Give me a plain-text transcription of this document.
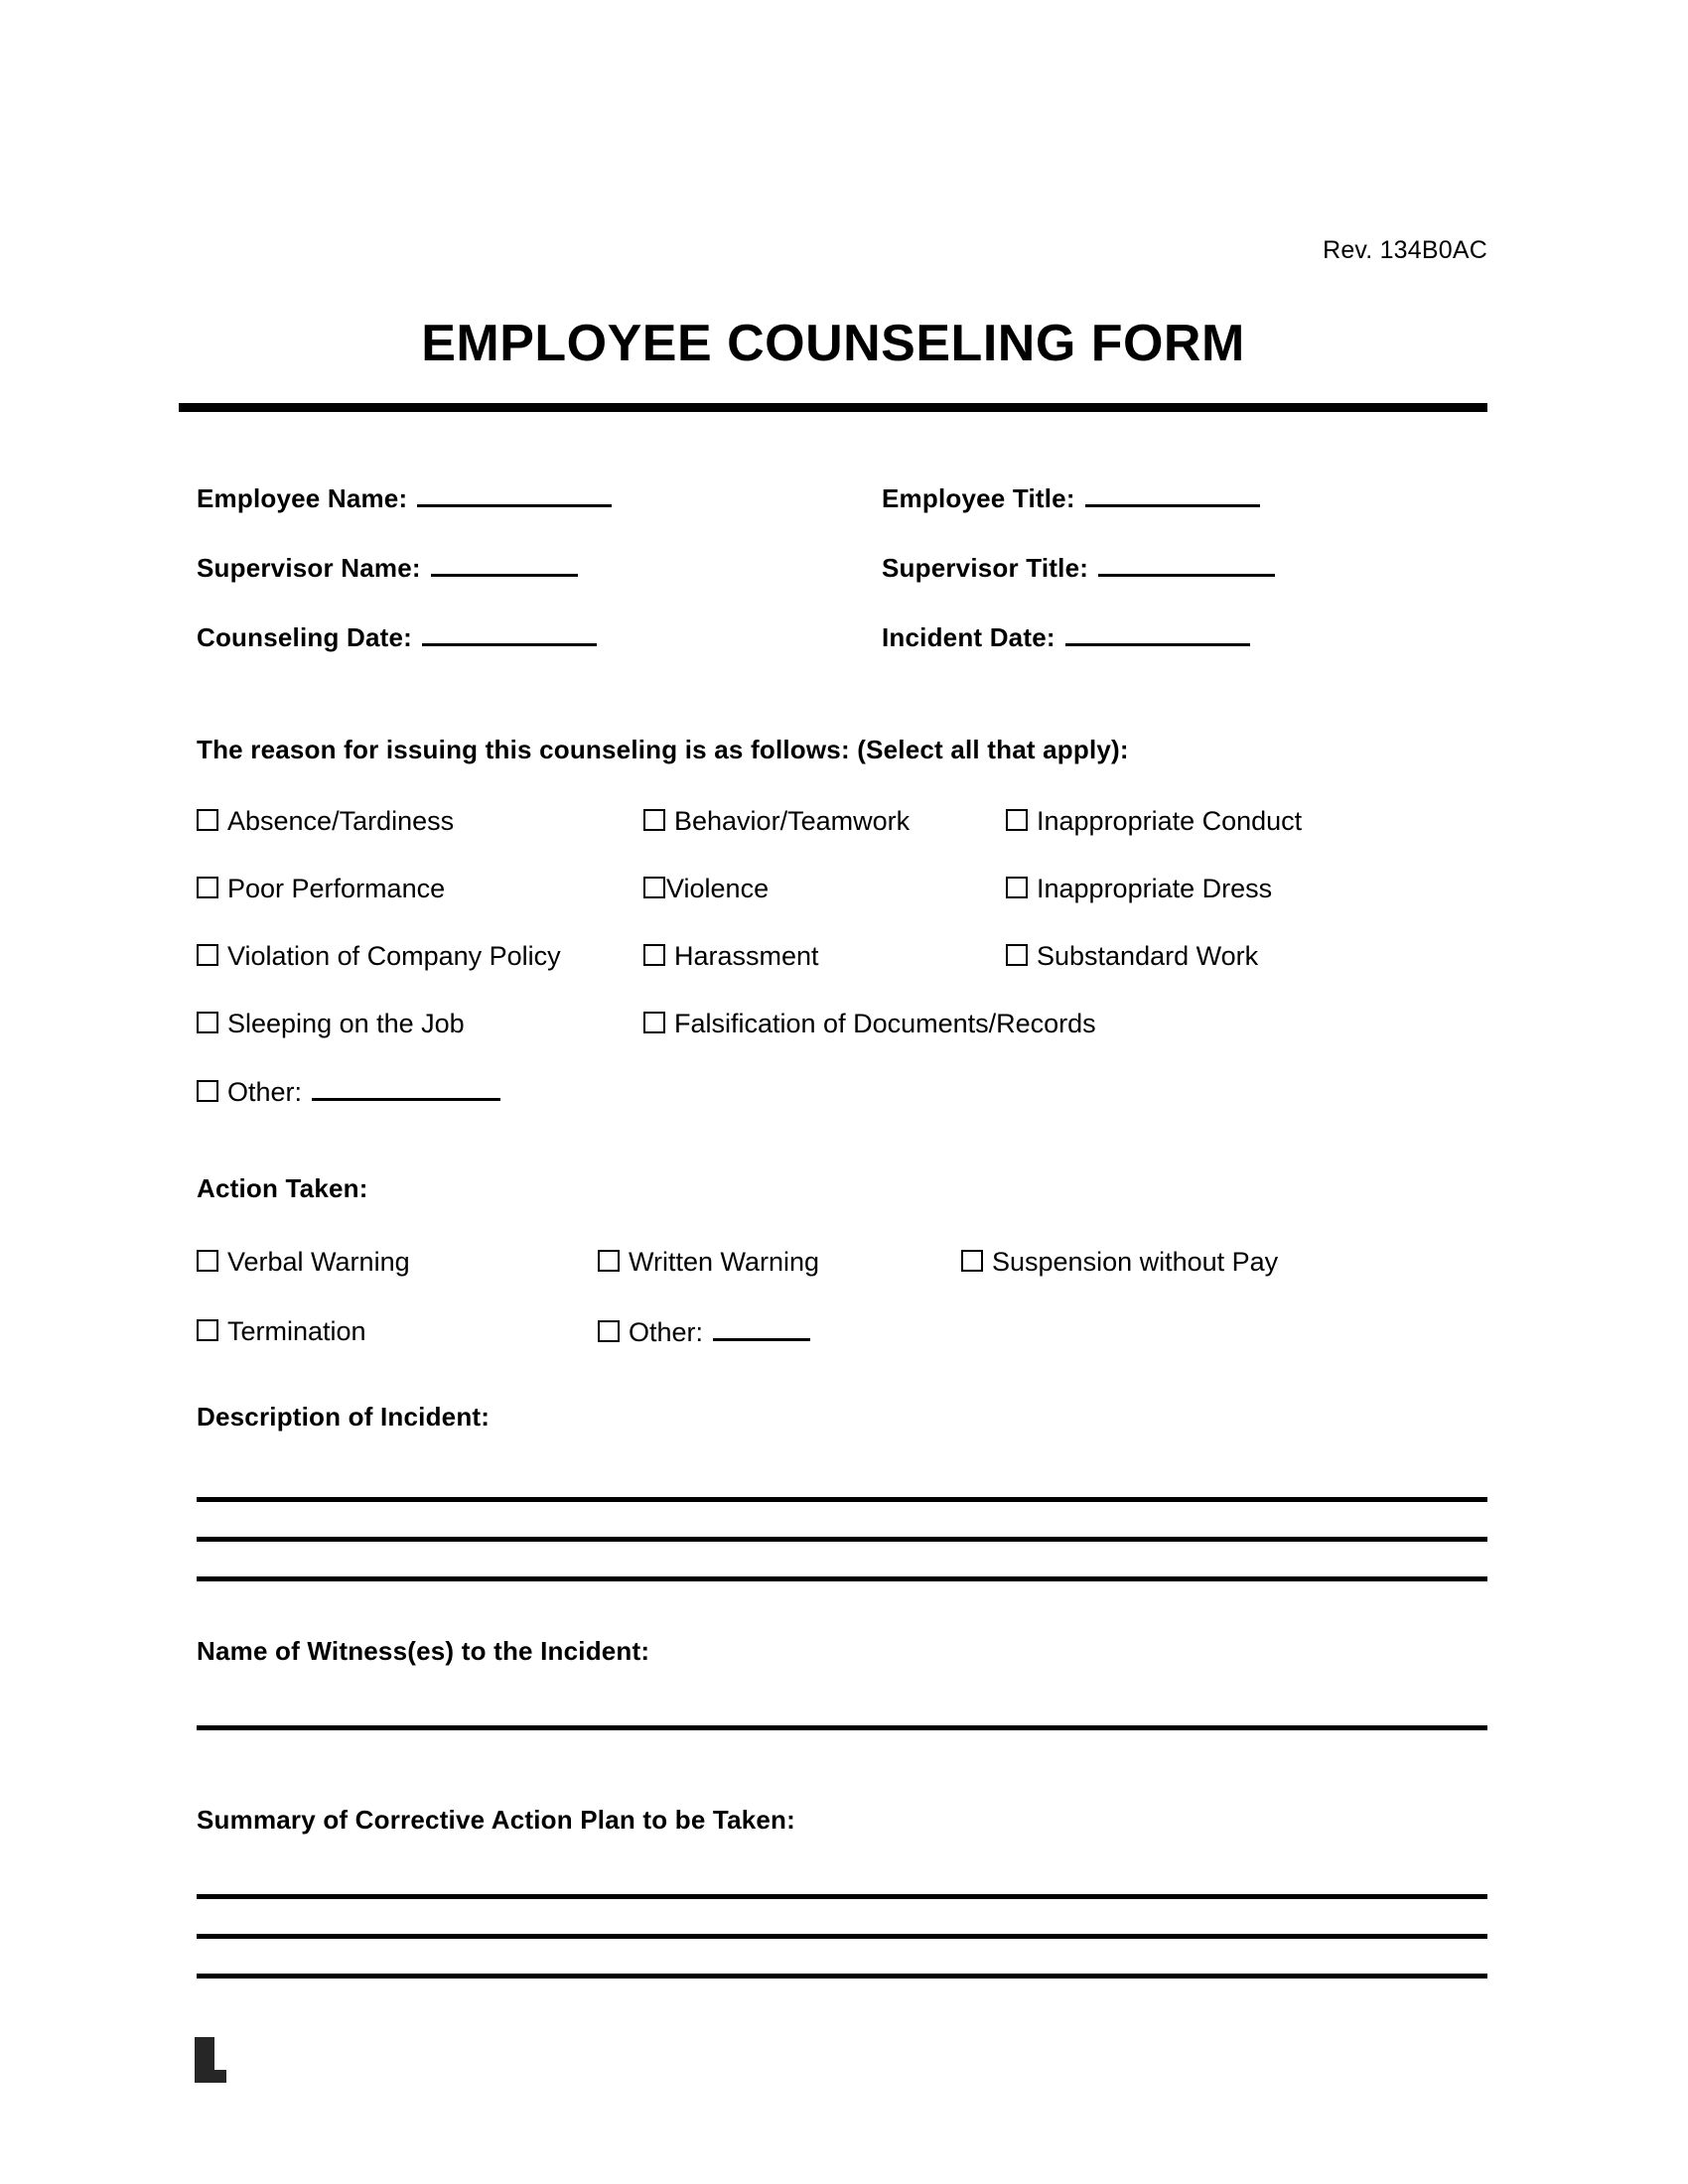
Rev. 134B0AC
EMPLOYEE COUNSELING FORM
Employee Name:	Employee Title:
Supervisor Name:	Supervisor Title:
Counseling Date:	Incident Date:
The reason for issuing this counseling is as follows: (Select all that apply):
Absence/Tardiness	Behavior/Teamwork	Inappropriate Conduct
Poor Performance	Violence	Inappropriate Dress
Violation of Company Policy	Harassment	Substandard Work
Sleeping on the Job	Falsification of Documents/Records
Other:
Action Taken:
Verbal Warning	Written Warning	Suspension without Pay
Termination	Other:
Description of Incident:
Name of Witness(es) to the Incident:
Summary of Corrective Action Plan to be Taken:
